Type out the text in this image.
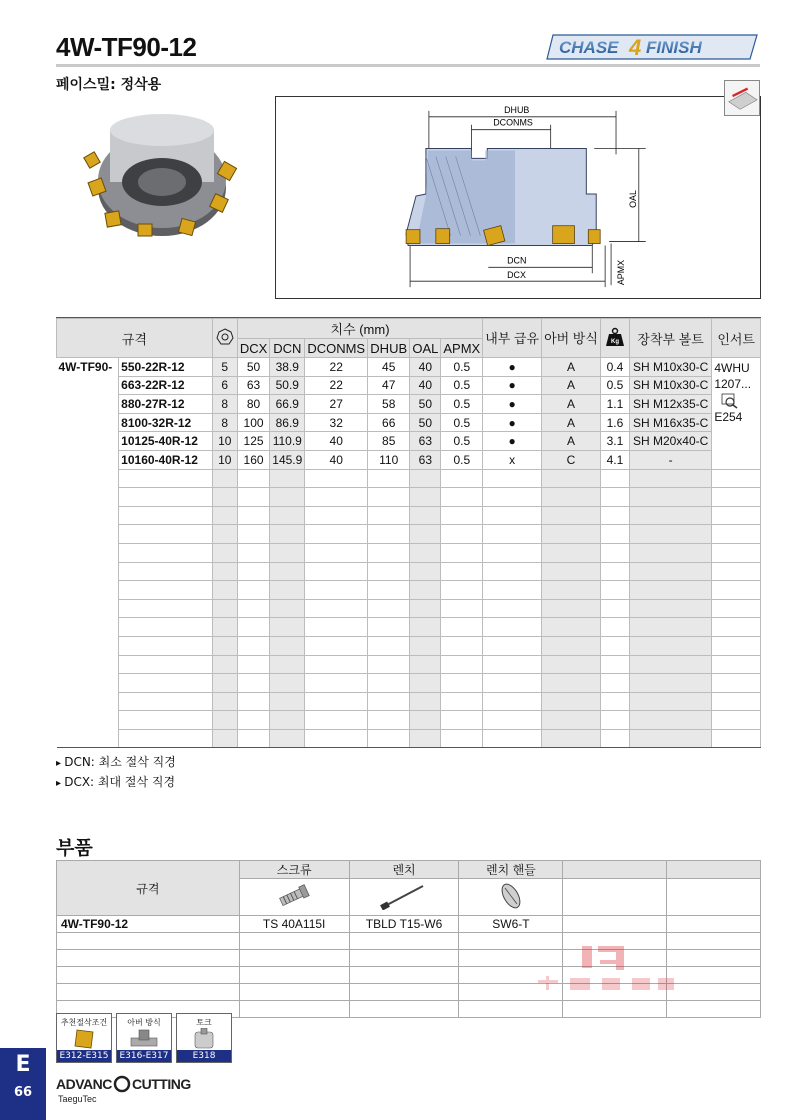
4W-TF90-12	CHASE 4 FINISH
페이스밀: 정삭용
DHUB
DCONMS
OAL
DCN
DCX	APMX
규격			치수 (mm)						내부 급유	아버 방식	Kg	장착부 볼트	인서트
			DCX	DCN	DCONMS	DHUB	OAL	APMX					
4W-TF90-	550-22R-12	5	50	38.9	22	45	40	0.5	●	A	0.4	SH M10x30-C	4WHU
1207...
E254

	663-22R-12	6	63	50.9	22	47	40	0.5	●	A	0.5	SH M10x30-C	
	880-27R-12	8	80	66.9	27	58	50	0.5	●	A	1.1	SH M12x35-C	
	8100-32R-12	8	100	86.9	32	66	50	0.5	●	A	1.6	SH M16x35-C	
	10125-40R-12	10	125	110.9	40	85	63	0.5	●	A	3.1	SH M20x40-C	
	10160-40R-12	10	160	145.9	40	110	63	0.5	x	C	4.1	-	

▸ DCN: 최소 절삭 직경
▸ DCX: 최대 절삭 직경
부품
규격	스크류	렌치	렌치 핸들		

4W-TF90-12	TS 40A115I	TBLD T15-W6	SW6-T		

추천절삭조건
E312-E315
아버 방식
E316-E317
토크
E318
E
66
ADVANC CUTTING
TaeguTec
